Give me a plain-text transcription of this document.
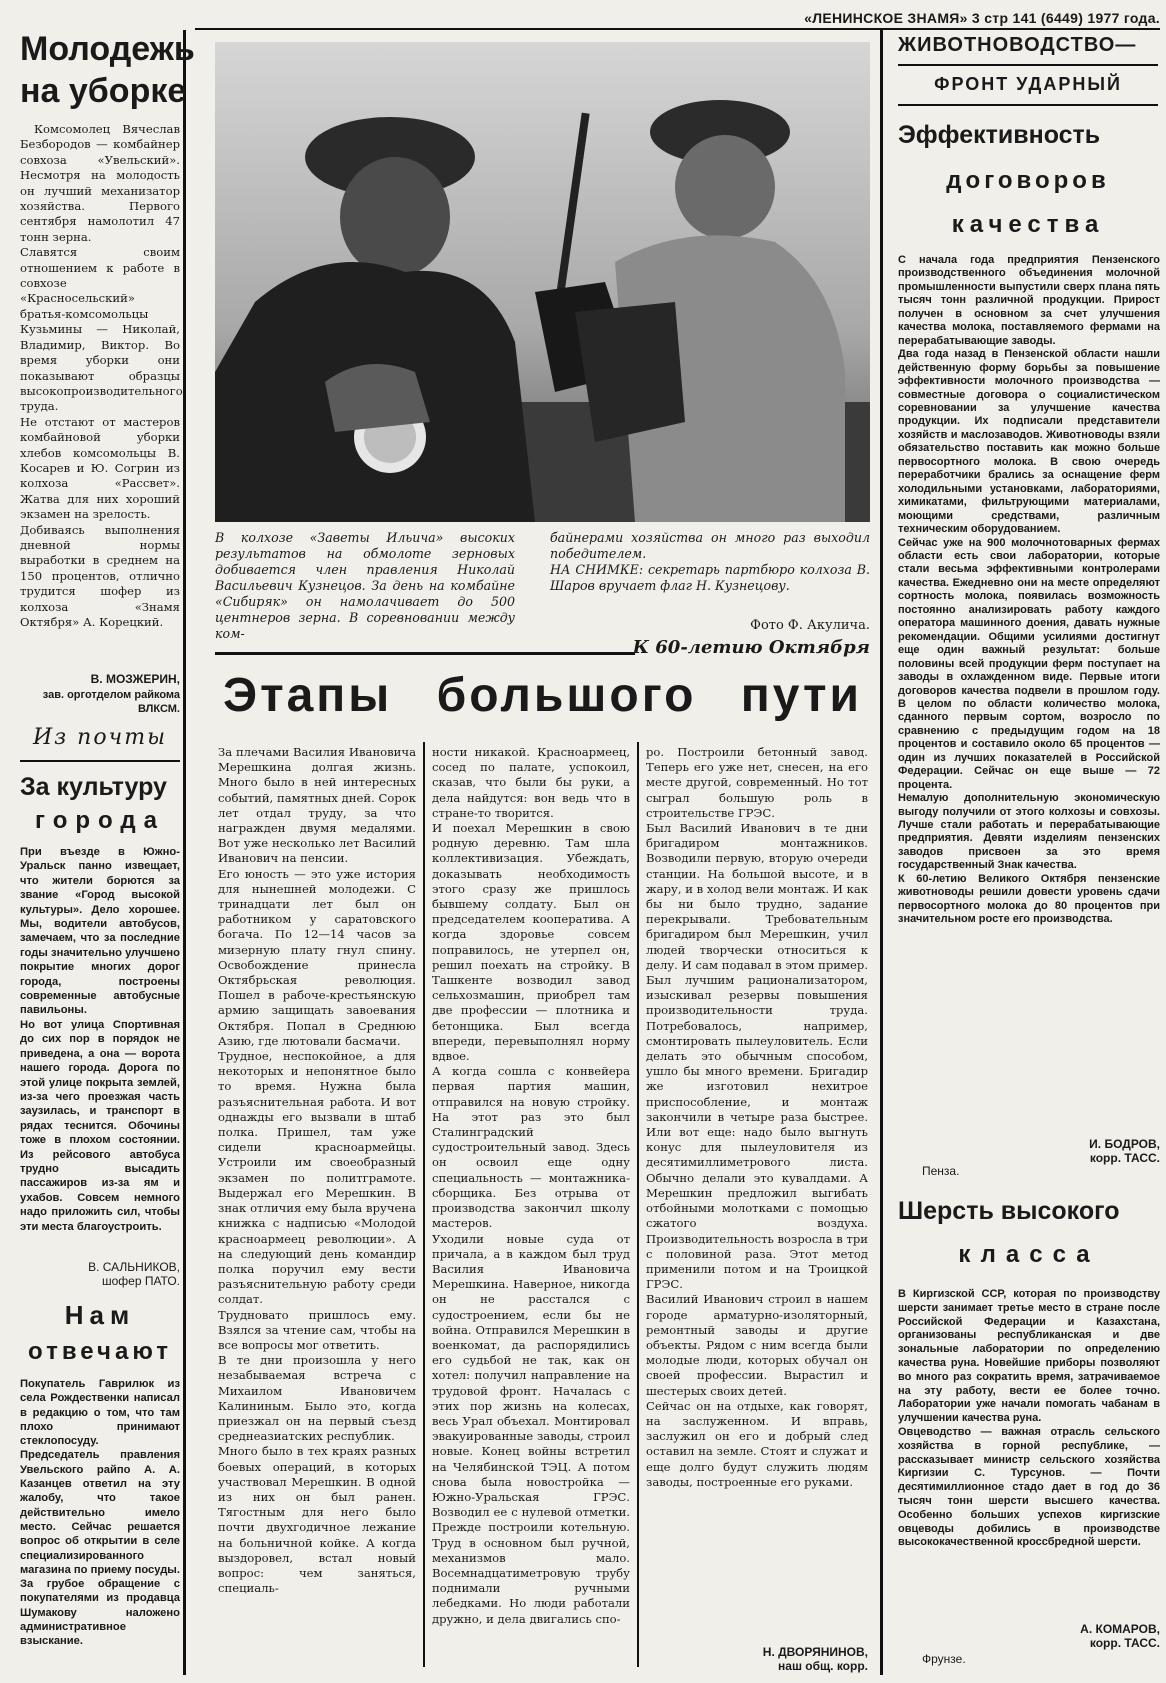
«ЛЕНИНСКОЕ ЗНАМЯ» 3 стр 141 (6449) 1977 года.
Молодежь
на уборке
Комсомолец Вячеслав Безбородов — комбайнер совхоза «Увельский». Несмотря на молодость он лучший механизатор хозяйства. Первого сентября намолотил 47 тонн зерна.
Славятся своим отношением к работе в совхозе «Красносельский» братья-комсомольцы Кузьмины — Николай, Владимир, Виктор. Во время уборки они показывают образцы высокопроизводительного труда.
Не отстают от мастеров комбайновой уборки хлебов комсомольцы В. Косарев и Ю. Согрин из колхоза «Рассвет». Жатва для них хороший экзамен на зрелость.
Добиваясь выполнения дневной нормы выработки в среднем на 150 процентов, отлично трудится шофер из колхоза «Знамя Октября» А. Корецкий.
В. МОЗЖЕРИН,
зав. орготделом райкома ВЛКСМ.
Из почты
За культуру
города
При въезде в Южно-Уральск панно извещает, что жители борются за звание «Город высокой культуры». Дело хорошее. Мы, водители автобусов, замечаем, что за последние годы значительно улучшено покрытие многих дорог города, построены современные автобусные павильоны.
Но вот улица Спортивная до сих пор в порядок не приведена, а она — ворота нашего города. Дорога по этой улице покрыта землей, из-за чего проезжая часть заузилась, и транспорт в рядах теснится. Обочины тоже в плохом состоянии. Из рейсового автобуса трудно высадить пассажиров из-за ям и ухабов. Совсем немного надо приложить сил, чтобы эти места благоустроить.
В. САЛЬНИКОВ,
шофер ПАТО.
Нам
отвечают
Покупатель Гаврилюк из села Рождественки написал в редакцию о том, что там плохо принимают стеклопосуду. Председатель правления Увельского райпо А. А. Казанцев ответил на эту жалобу, что такое действительно имело место. Сейчас решается вопрос об открытии в селе специализированного магазина по приему посуды.
За грубое обращение с покупателями из продавца Шумакову наложено административное взыскание.
В колхозе «Заветы Ильича» высоких результатов на обмолоте зерновых добивается член правления Николай Васильевич Кузнецов. За день на комбайне «Сибиряк» он намолачивает до 500 центнеров зерна. В соревновании между ком-
байнерами хозяйства он много раз выходил победителем.
НА СНИМКЕ: секретарь партбюро колхоза В. Шаров вручает флаг Н. Кузнецову.
Фото Ф. Акулича.
К 60-летию Октября
Этапы большого пути
За плечами Василия Ивановича Мерешкина долгая жизнь. Много было в ней интересных событий, памятных дней. Сорок лет отдал труду, за что награжден двумя медалями. Вот уже несколько лет Василий Иванович на пенсии.
Его юность — это уже история для нынешней молодежи. С тринадцати лет был он работником у саратовского богача. По 12—14 часов за мизерную плату гнул спину. Освобождение принесла Октябрьская революция. Пошел в рабоче-крестьянскую армию защищать завоевания Октября. Попал в Среднюю Азию, где лютовали басмачи.
Трудное, неспокойное, а для некоторых и непонятное было то время. Нужна была разъяснительная работа. И вот однажды его вызвали в штаб полка. Пришел, там уже сидели красноармейцы. Устроили им своеобразный экзамен по политграмоте. Выдержал его Мерешкин. В знак отличия ему была вручена книжка с надписью «Молодой красноармеец революции». А на следующий день командир полка поручил ему вести разъяснительную работу среди солдат.
Трудновато пришлось ему. Взялся за чтение сам, чтобы на все вопросы мог ответить.
В те дни произошла у него незабываемая встреча с Михаилом Ивановичем Калининым. Было это, когда приезжал он на первый съезд среднеазиатских республик.
Много было в тех краях разных боевых операций, в которых участвовал Мерешкин. В одной из них он был ранен. Тягостным для него было почти двухгодичное лежание на больничной койке. А когда выздоровел, встал новый вопрос: чем заняться, специаль-
ности никакой. Красноармеец, сосед по палате, успокоил, сказав, что были бы руки, а дела найдутся: вон ведь что в стране-то творится.
И поехал Мерешкин в свою родную деревню. Там шла коллективизация. Убеждать, доказывать необходимость этого сразу же пришлось бывшему солдату. Был он председателем кооператива. А когда здоровье совсем поправилось, не утерпел он, решил поехать на стройку. В Ташкенте возводил завод сельхозмашин, приобрел там две профессии — плотника и бетонщика. Был всегда впереди, перевыполнял норму вдвое.
А когда сошла с конвейера первая партия машин, отправился на новую стройку. На этот раз это был Сталинградский судостроительный завод. Здесь он освоил еще одну специальность — монтажника-сборщика. Без отрыва от производства закончил школу мастеров.
Уходили новые суда от причала, а в каждом был труд Василия Ивановича Мерешкина. Наверное, никогда он не расстался с судостроением, если бы не война. Отправился Мерешкин в военкомат, да распорядились его судьбой не так, как он хотел: получил направление на трудовой фронт. Началась с этих пор жизнь на колесах, весь Урал объехал. Монтировал эвакуированные заводы, строил новые. Конец войны встретил на Челябинской ТЭЦ. А потом снова была новостройка — Южно-Уральская ГРЭС. Возводил ее с нулевой отметки. Прежде построили котельную. Труд в основном был ручной, механизмов мало. Восемнадцатиметровую трубу поднимали ручными лебедками. Но люди работали дружно, и дела двигались спо-
ро. Построили бетонный завод. Теперь его уже нет, снесен, на его месте другой, современный. Но тот сыграл большую роль в строительстве ГРЭС.
Был Василий Иванович в те дни бригадиром монтажников. Возводили первую, вторую очереди станции. На большой высоте, и в жару, и в холод вели монтаж. И как бы ни было трудно, задание перекрывали. Требовательным бригадиром был Мерешкин, учил людей творчески относиться к делу. И сам подавал в этом пример. Был лучшим рационализатором, изыскивал резервы повышения производительности труда. Потребовалось, например, смонтировать пылеуловитель. Если делать это обычным способом, ушло бы много времени. Бригадир же изготовил нехитрое приспособление, и монтаж закончили в четыре раза быстрее. Или вот еще: надо было выгнуть конус для пылеуловителя из десятимиллиметрового листа. Обычно делали это кувалдами. А Мерешкин предложил выгибать отбойными молотками с помощью сжатого воздуха. Производительность возросла в три с половиной раза. Этот метод применили потом и на Троицкой ГРЭС.
Василий Иванович строил в нашем городе арматурно-изоляторный, ремонтный заводы и другие объекты. Рядом с ним всегда были молодые люди, которых обучал он своей профессии. Вырастил и шестерых своих детей.
Сейчас он на отдыхе, как говорят, на заслуженном. И вправь, заслужил он его и добрый след оставил на земле. Стоят и служат и еще долго будут служить людям заводы, построенные его руками.
Н. ДВОРЯНИНОВ,
наш общ. корр.
ЖИВОТНОВОДСТВО—
ФРОНТ УДАРНЫЙ
Эффективность
договоров
качества
С начала года предприятия Пензенского производственного объединения молочной промышленности выпустили сверх плана пять тысяч тонн различной продукции. Прирост получен в основном за счет улучшения качества молока, поставляемого фермами на перерабатывающие заводы.
Два года назад в Пензенской области нашли действенную форму борьбы за повышение эффективности молочного производства — совместные договора о социалистическом соревновании за улучшение качества продукции. Их подписали представители хозяйств и маслозаводов. Животноводы взяли обязательство поставить как можно больше первосортного молока. В свою очередь переработчики брались за оснащение ферм холодильными установками, лабораториями, химикатами, фильтрующими материалами, моющими средствами, различным техническим оборудованием.
Сейчас уже на 900 молочнотоварных фермах области есть свои лаборатории, которые стали весьма эффективными контролерами качества. Ежедневно они на месте определяют сортность молока, появилась возможность постоянно анализировать работу каждого оператора машинного доения, давать нужные рекомендации. Общими усилиями достигнут еще один важный результат: больше половины всей продукции ферм поступает на заводы в охлажденном виде. Первые итоги договоров качества подвели в прошлом году. В целом по области количество молока, сданного первым сортом, возросло по сравнению с предыдущим годом на 18 процентов и составило около 65 процентов — один из лучших показателей в Российской Федерации. Сейчас он еще выше — 72 процента.
Немалую дополнительную экономическую выгоду получили от этого колхозы и совхозы. Лучше стали работать и перерабатывающие предприятия. Девяти изделиям пензенских заводов присвоен за это время государственный Знак качества.
К 60-летию Великого Октября пензенские животноводы решили довести уровень сдачи первосортного молока до 80 процентов при значительном росте его производства.
И. БОДРОВ,
корр. ТАСС.
Пенза.
Шерсть высокого
класса
В Киргизской ССР, которая по производству шерсти занимает третье место в стране после Российской Федерации и Казахстана, организованы республиканская и две зональные лаборатории по определению качества руна. Новейшие приборы позволяют во много раз сократить время, затрачиваемое на эту работу, вести ее более точно. Лаборатории уже начали помогать чабанам в улучшении качества руна.
Овцеводство — важная отрасль сельского хозяйства в горной республике, — рассказывает министр сельского хозяйства Киргизии С. Турсунов. — Почти десятимиллионное стадо дает в год до 36 тысяч тонн шерсти высшего качества. Особенно больших успехов киргизские овцеводы добились в производстве высококачественной кроссбредной шерсти.
А. КОМАРОВ,
корр. ТАСС.
Фрунзе.
